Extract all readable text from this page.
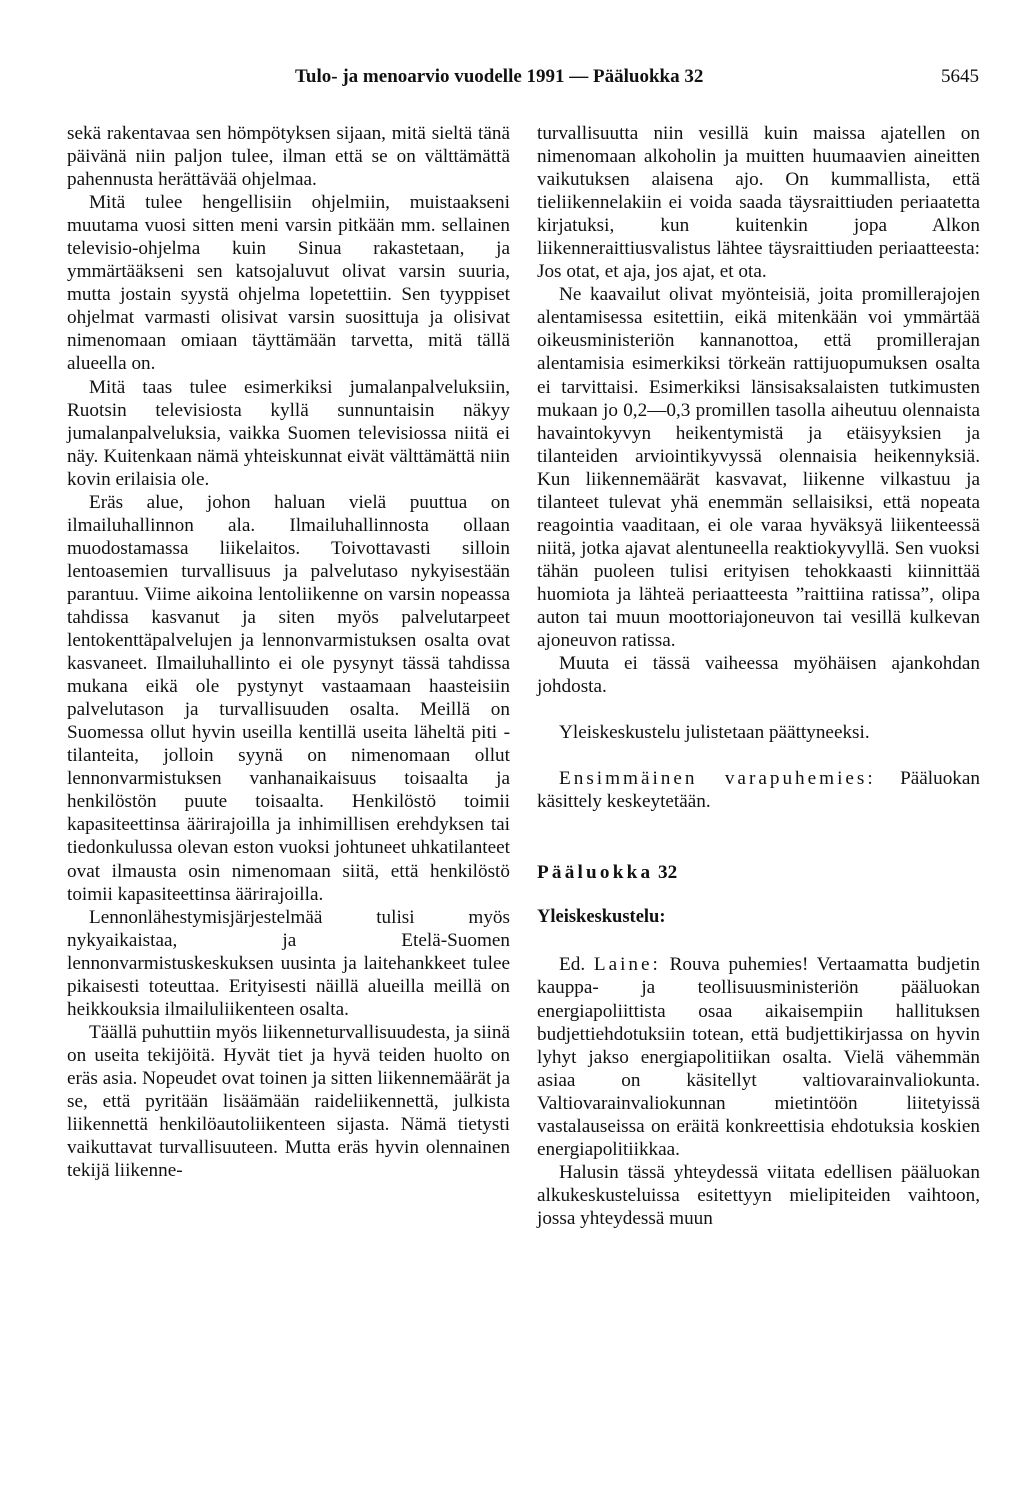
Tulo- ja menoarvio vuodelle 1991 — Pääluokka 32	5645

sekä rakentavaa sen hömpötyksen sijaan, mitä sieltä tänä päivänä niin paljon tulee, ilman että se on välttämättä pahennusta herättävää ohjelmaa.

Mitä tulee hengellisiin ohjelmiin, muistaakseni muutama vuosi sitten meni varsin pitkään mm. sellainen televisio-ohjelma kuin Sinua rakastetaan, ja ymmärtääkseni sen katsojaluvut olivat varsin suuria, mutta jostain syystä ohjelma lopetettiin. Sen tyyppiset ohjelmat varmasti olisivat varsin suosittuja ja olisivat nimenomaan omiaan täyttämään tarvetta, mitä tällä alueella on.

Mitä taas tulee esimerkiksi jumalanpalveluksiin, Ruotsin televisiosta kyllä sunnuntaisin näkyy jumalanpalveluksia, vaikka Suomen televisiossa niitä ei näy. Kuitenkaan nämä yhteiskunnat eivät välttämättä niin kovin erilaisia ole.

Eräs alue, johon haluan vielä puuttua on ilmailuhallinnon ala. Ilmailuhallinnosta ollaan muodostamassa liikelaitos. Toivottavasti silloin lentoasemien turvallisuus ja palvelutaso nykyisestään parantuu. Viime aikoina lentoliikenne on varsin nopeassa tahdissa kasvanut ja siten myös palvelutarpeet lentokenttäpalvelujen ja lennonvarmistuksen osalta ovat kasvaneet. Ilmailuhallinto ei ole pysynyt tässä tahdissa mukana eikä ole pystynyt vastaamaan haasteisiin palvelutason ja turvallisuuden osalta. Meillä on Suomessa ollut hyvin useilla kentillä useita läheltä piti -tilanteita, jolloin syynä on nimenomaan ollut lennonvarmistuksen vanhanaikaisuus toisaalta ja henkilöstön puute toisaalta. Henkilöstö toimii kapasiteettinsa äärirajoilla ja inhimillisen erehdyksen tai tiedonkulussa olevan eston vuoksi johtuneet uhkatilanteet ovat ilmausta osin nimenomaan siitä, että henkilöstö toimii kapasiteettinsa äärirajoilla.

Lennonlähestymisjärjestelmää tulisi myös nykyaikaistaa, ja Etelä-Suomen lennonvarmistuskeskuksen uusinta ja laitehankkeet tulee pikaisesti toteuttaa. Erityisesti näillä alueilla meillä on heikkouksia ilmailuliikenteen osalta.

Täällä puhuttiin myös liikenneturvallisuudesta, ja siinä on useita tekijöitä. Hyvät tiet ja hyvä teiden huolto on eräs asia. Nopeudet ovat toinen ja sitten liikennemäärät ja se, että pyritään lisäämään raideliikennettä, julkista liikennettä henkilöautoliikenteen sijasta. Nämä tietysti vaikuttavat turvallisuuteen. Mutta eräs hyvin olennainen tekijä liikenne-

turvallisuutta niin vesillä kuin maissa ajatellen on nimenomaan alkoholin ja muitten huumaavien aineitten vaikutuksen alaisena ajo. On kummallista, että tieliikennelakiin ei voida saada täysraittiuden periaatetta kirjatuksi, kun kuitenkin jopa Alkon liikenneraittiusvalistus lähtee täysraittiuden periaatteesta: Jos otat, et aja, jos ajat, et ota.

Ne kaavailut olivat myönteisiä, joita promillerajojen alentamisessa esitettiin, eikä mitenkään voi ymmärtää oikeusministeriön kannanottoa, että promillerajan alentamisia esimerkiksi törkeän rattijuopumuksen osalta ei tarvittaisi. Esimerkiksi länsisaksalaisten tutkimusten mukaan jo 0,2—0,3 promillen tasolla aiheutuu olennaista havaintokyvyn heikentymistä ja etäisyyksien ja tilanteiden arviointikyvyssä olennaisia heikennyksiä. Kun liikennemäärät kasvavat, liikenne vilkastuu ja tilanteet tulevat yhä enemmän sellaisiksi, että nopeata reagointia vaaditaan, ei ole varaa hyväksyä liikenteessä niitä, jotka ajavat alentuneella reaktiokyvyllä. Sen vuoksi tähän puoleen tulisi erityisen tehokkaasti kiinnittää huomiota ja lähteä periaatteesta ”raittiina ratissa”, olipa auton tai muun moottoriajoneuvon tai vesillä kulkevan ajoneuvon ratissa.

Muuta ei tässä vaiheessa myöhäisen ajankohdan johdosta.

Yleiskeskustelu julistetaan päättyneeksi.

Ensimmäinen varapuhemies: Pääluokan käsittely keskeytetään.

Pääluokka 32

Yleiskeskustelu:

Ed. Laine: Rouva puhemies! Vertaamatta budjetin kauppa- ja teollisuusministeriön pääluokan energiapoliittista osaa aikaisempiin hallituksen budjettiehdotuksiin totean, että budjettikirjassa on hyvin lyhyt jakso energiapolitiikan osalta. Vielä vähemmän asiaa on käsitellyt valtiovarainvaliokunta. Valtiovarainvaliokunnan mietintöön liitetyissä vastalauseissa on eräitä konkreettisia ehdotuksia koskien energiapolitiikkaa.

Halusin tässä yhteydessä viitata edellisen pääluokan alkukeskusteluissa esitettyyn mielipiteiden vaihtoon, jossa yhteydessä muun
